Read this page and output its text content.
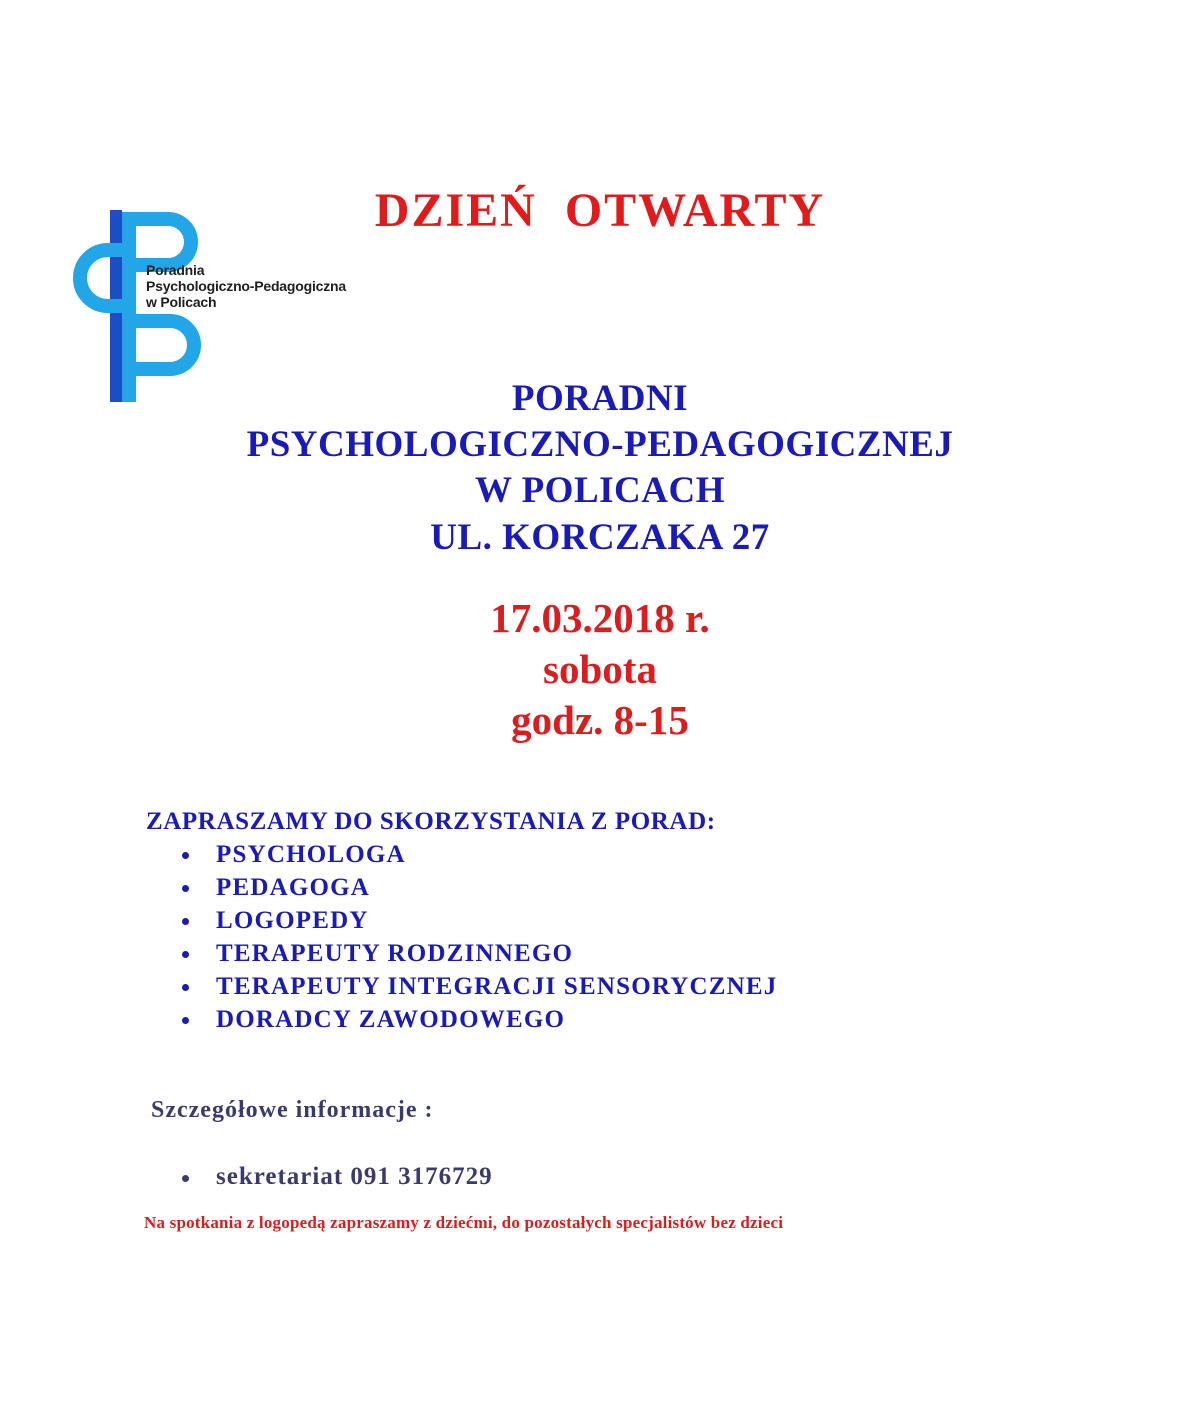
Poradnia
Psychologiczno-Pedagogiczna
w Policach
DZIEŃ OTWARTY
PORADNI
PSYCHOLOGICZNO-PEDAGOGICZNEJ
W POLICACH
UL. KORCZAKA 27
17.03.2018 r.
sobota
godz. 8-15
ZAPRASZAMY DO SKORZYSTANIA Z PORAD:
PSYCHOLOGA
PEDAGOGA
LOGOPEDY
TERAPEUTY RODZINNEGO
TERAPEUTY INTEGRACJI SENSORYCZNEJ
DORADCY ZAWODOWEGO
Szczegółowe informacje :
sekretariat 091 3176729
Na spotkania z logopedą zapraszamy z dziećmi, do pozostałych specjalistów bez dzieci
